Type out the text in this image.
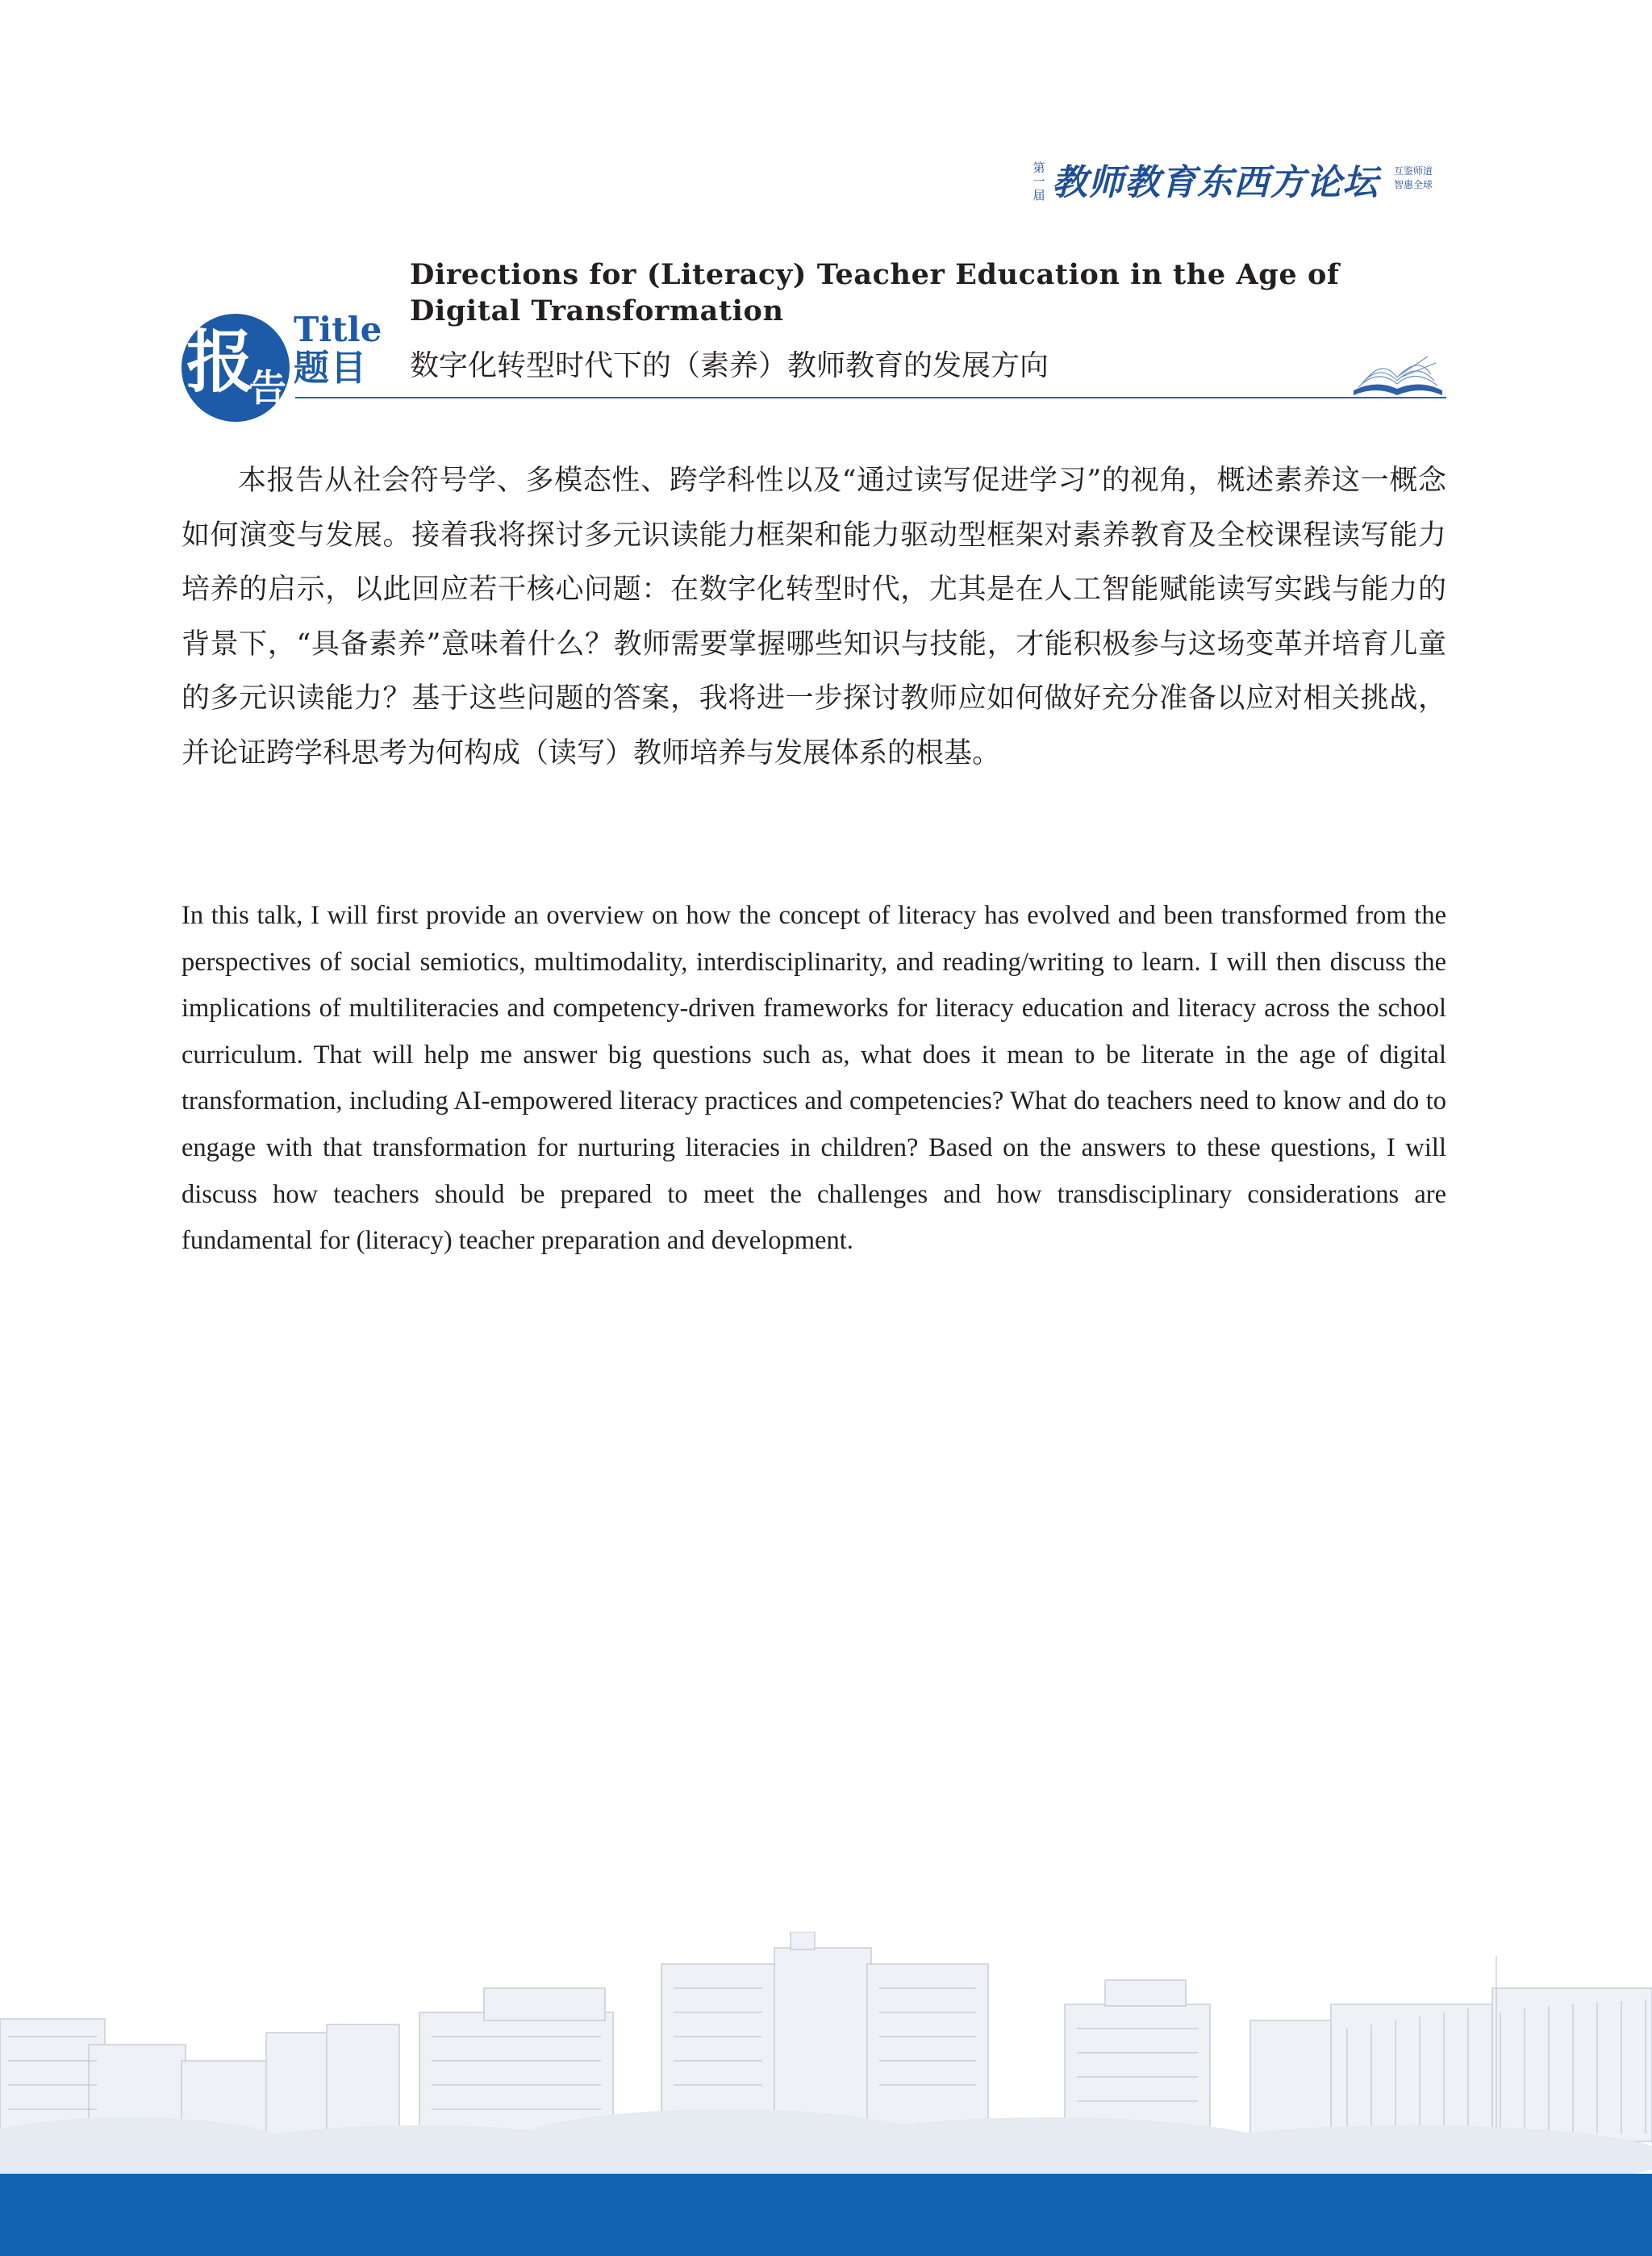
第一届 教师教育东西方论坛 互鉴师道
智惠全球
报
告
Title
题目
Directions for (Literacy) Teacher Education in the Age of Digital Transformation
数字化转型时代下的（素养）教师教育的发展方向

本报告从社会符号学、多模态性、跨学科性以及“通过读写促进学习”的视角，概述素养这一概念如何演变与发展。接着我将探讨多元识读能力框架和能力驱动型框架对素养教育及全校课程读写能力培养的启示，以此回应若干核心问题：在数字化转型时代，尤其是在人工智能赋能读写实践与能力的背景下，“具备素养”意味着什么？教师需要掌握哪些知识与技能，才能积极参与这场变革并培育儿童的多元识读能力？基于这些问题的答案，我将进一步探讨教师应如何做好充分准备以应对相关挑战，并论证跨学科思考为何构成（读写）教师培养与发展体系的根基。

In this talk, I will first provide an overview on how the concept of literacy has evolved and been transformed from the perspectives of social semiotics, multimodality, interdisciplinarity, and reading/writing to learn. I will then discuss the implications of multiliteracies and competency-driven frameworks for literacy education and literacy across the school curriculum. That will help me answer big questions such as, what does it mean to be literate in the age of digital transformation, including AI-empowered literacy practices and competencies? What do teachers need to know and do to engage with that transformation for nurturing literacies in children? Based on the answers to these questions, I will discuss how teachers should be prepared to meet the challenges and how transdisciplinary considerations are fundamental for (literacy) teacher preparation and development.
